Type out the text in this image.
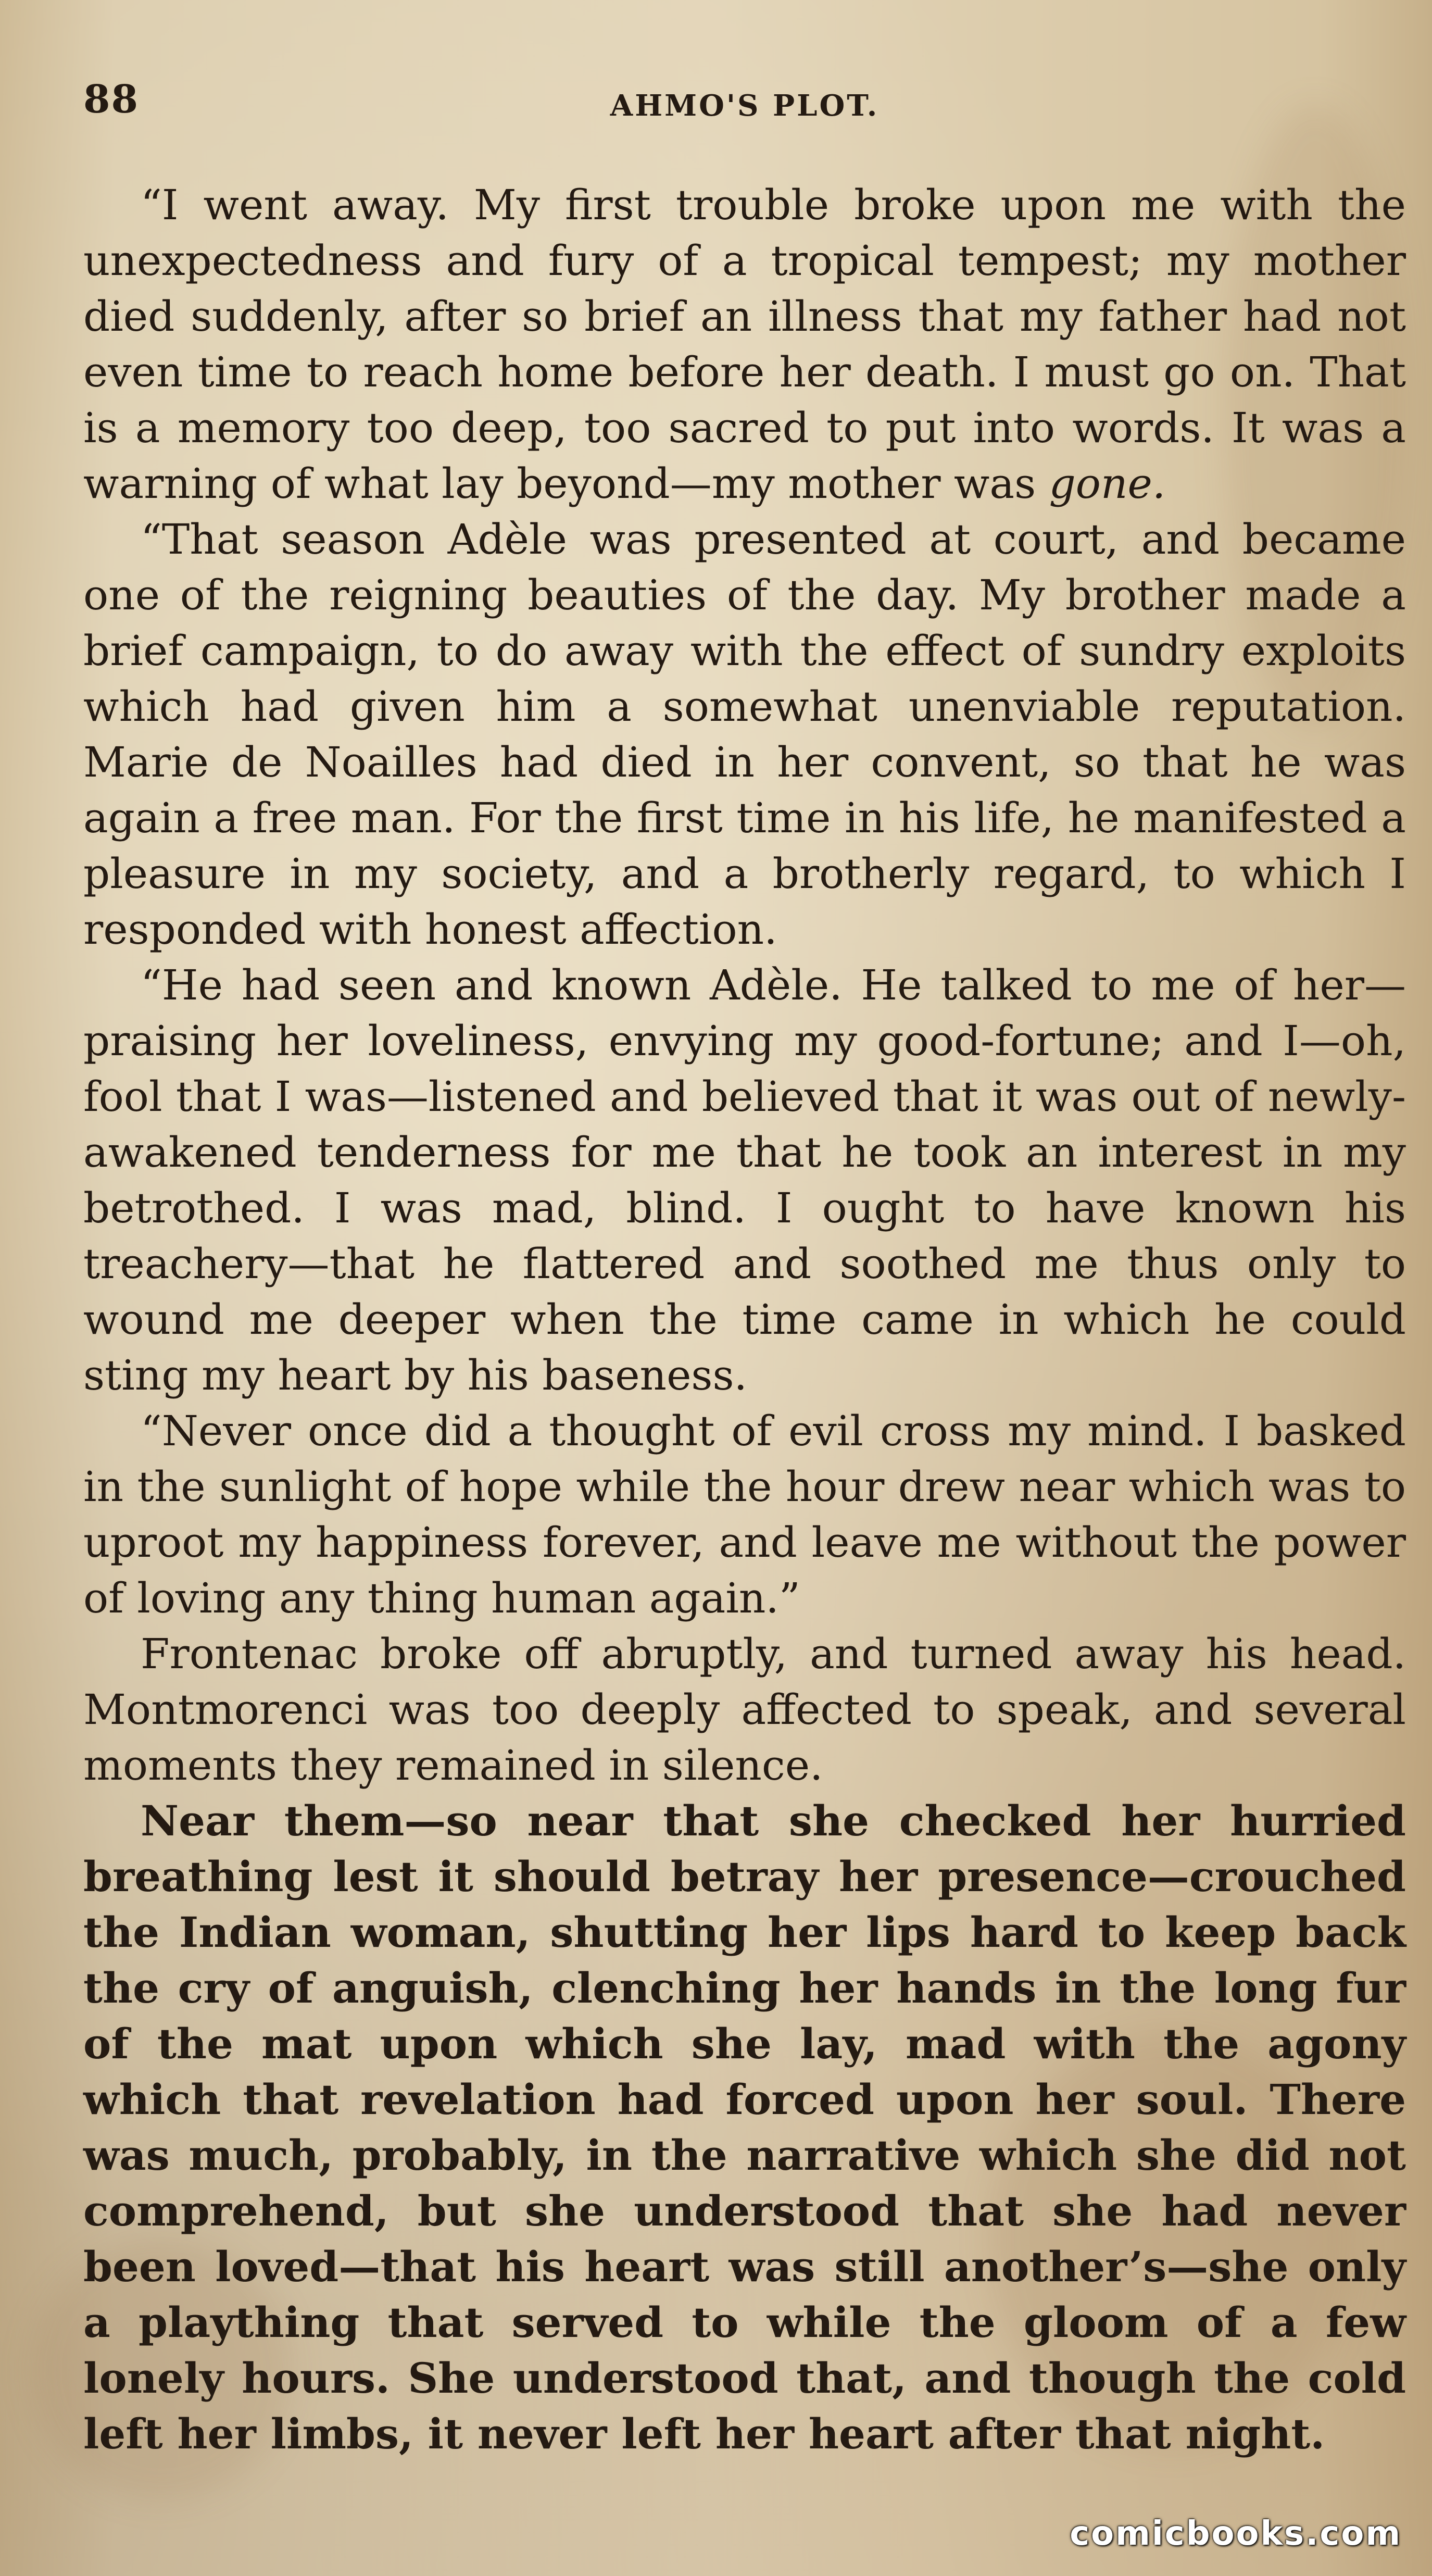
88	AHMO'S PLOT.

“I went away. My first trouble broke upon me with the unexpectedness and fury of a tropical tempest; my mother died suddenly, after so brief an illness that my father had not even time to reach home before her death. I must go on. That is a memory too deep, too sacred to put into words. It was a warning of what lay beyond—my mother was gone.

“That season Adèle was presented at court, and became one of the reigning beauties of the day. My brother made a brief campaign, to do away with the effect of sundry exploits which had given him a somewhat unenviable reputation. Marie de Noailles had died in her convent, so that he was again a free man. For the first time in his life, he manifested a pleasure in my society, and a brotherly regard, to which I responded with honest affection.

“He had seen and known Adèle. He talked to me of her—praising her loveliness, envying my good-fortune; and I—oh, fool that I was—listened and believed that it was out of newly-awakened tenderness for me that he took an interest in my betrothed. I was mad, blind. I ought to have known his treachery—that he flattered and soothed me thus only to wound me deeper when the time came in which he could sting my heart by his baseness.

“Never once did a thought of evil cross my mind. I basked in the sunlight of hope while the hour drew near which was to uproot my happiness forever, and leave me without the power of loving any thing human again.”

Frontenac broke off abruptly, and turned away his head. Montmorenci was too deeply affected to speak, and several moments they remained in silence.

Near them—so near that she checked her hurried breathing lest it should betray her presence—crouched the Indian woman, shutting her lips hard to keep back the cry of anguish, clenching her hands in the long fur of the mat upon which she lay, mad with the agony which that revelation had forced upon her soul. There was much, probably, in the narrative which she did not comprehend, but she understood that she had never been loved—that his heart was still another’s—she only a plaything that served to while the gloom of a few lonely hours. She understood that, and though the cold left her limbs, it never left her heart after that night.

comicbooks.com
